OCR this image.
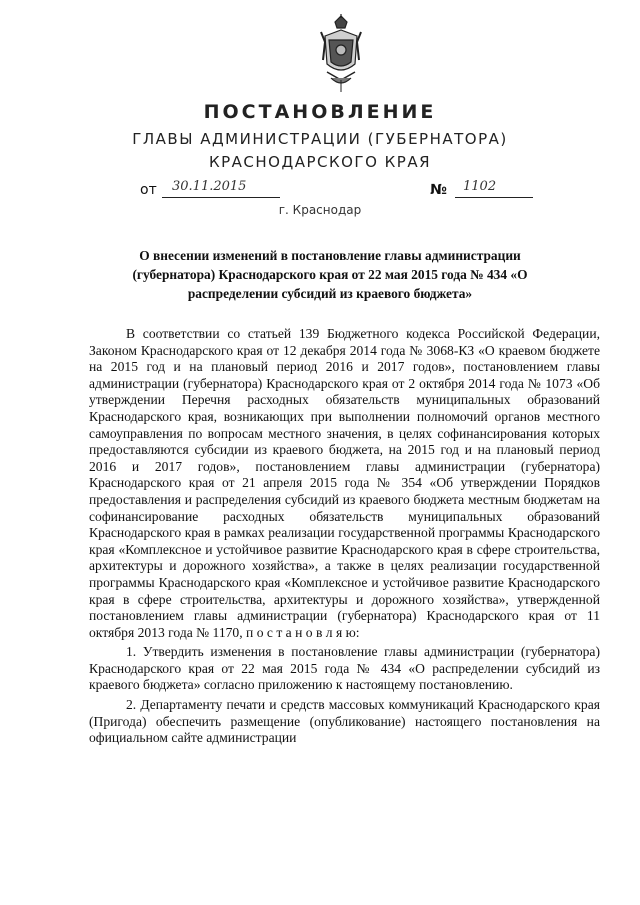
ПОСТАНОВЛЕНИЕ
ГЛАВЫ АДМИНИСТРАЦИИ (ГУБЕРНАТОРА)
КРАСНОДАРСКОГО КРАЯ
от 30.11.2015	№ 1102
г. Краснодар
О внесении изменений в постановление главы администрации (губернатора) Краснодарского края от 22 мая 2015 года № 434 «О распределении субсидий из краевого бюджета»

В соответствии со статьей 139 Бюджетного кодекса Российской Федерации, Законом Краснодарского края от 12 декабря 2014 года № 3068-КЗ «О краевом бюджете на 2015 год и на плановый период 2016 и 2017 годов», постановлением главы администрации (губернатора) Краснодарского края от 2 октября 2014 года № 1073 «Об утверждении Перечня расходных обязательств муниципальных образований Краснодарского края, возникающих при выполнении полномочий органов местного самоуправления по вопросам местного значения, в целях софинансирования которых предоставляются субсидии из краевого бюджета, на 2015 год и на плановый период 2016 и 2017 годов», постановлением главы администрации (губернатора) Краснодарского края от 21 апреля 2015 года № 354 «Об утверждении Порядков предоставления и распределения субсидий из краевого бюджета местным бюджетам на софинансирование расходных обязательств муниципальных образований Краснодарского края в рамках реализации государственной программы Краснодарского края «Комплексное и устойчивое развитие Краснодарского края в сфере строительства, архитектуры и дорожного хозяйства», а также в целях реализации государственной программы Краснодарского края «Комплексное и устойчивое развитие Краснодарского края в сфере строительства, архитектуры и дорожного хозяйства», утвержденной постановлением главы администрации (губернатора) Краснодарского края от 11 октября 2013 года № 1170, п о с т а н о в л я ю:

1. Утвердить изменения в постановление главы администрации (губернатора) Краснодарского края от 22 мая 2015 года № 434 «О распределении субсидий из краевого бюджета» согласно приложению к настоящему постановлению.

2. Департаменту печати и средств массовых коммуникаций Краснодарского края (Пригода) обеспечить размещение (опубликование) настоящего постановления на официальном сайте администрации
